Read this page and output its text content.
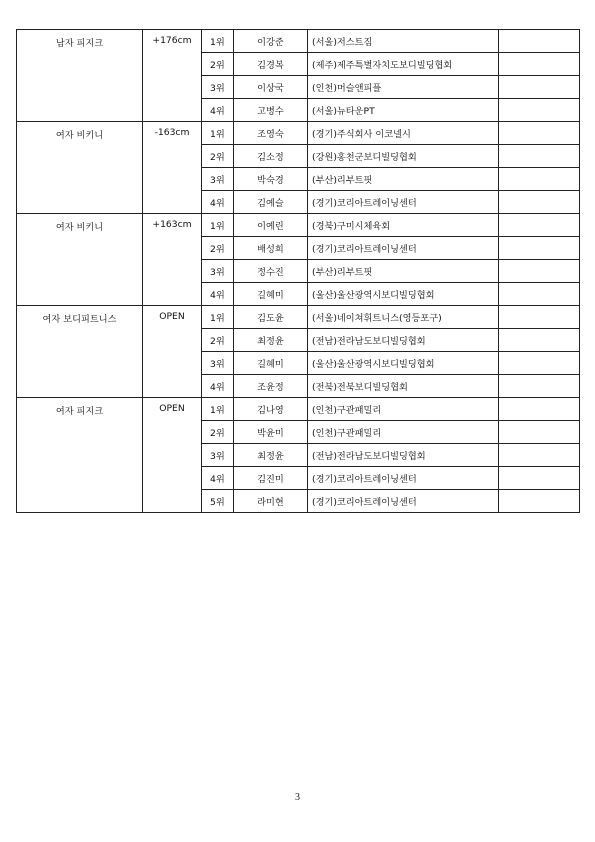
남자 피지크	+176cm	1위	이강준	(서울)저스트짐	
		2위	김경복	(제주)제주특별자치도보디빌딩협회	
		3위	이상국	(인천)머슬앤피플	
		4위	고병수	(서울)뉴타운PT	
여자 비키니	-163cm	1위	조영숙	(경기)주식회사 이코넬시	
		2위	김소정	(강원)홍천군보디빌딩협회	
		3위	박숙경	(부산)리부트핏	
		4위	김예슬	(경기)코리아트레이닝센터	
여자 비키니	+163cm	1위	이예린	(경북)구미시체육회	
		2위	배성희	(경기)코리아트레이닝센터	
		3위	정수진	(부산)리부트핏	
		4위	길혜미	(울산)울산광역시보디빌딩협회	
여자 보디피트니스	OPEN	1위	김도윤	(서울)네이쳐휘트니스(영등포구)	
		2위	최정윤	(전남)전라남도보디빌딩협회	
		3위	길혜미	(울산)울산광역시보디빌딩협회	
		4위	조윤정	(전북)전북보디빌딩협회	
여자 피지크	OPEN	1위	김나영	(인천)구관패밀리	
		2위	박윤미	(인천)구관패밀리	
		3위	최정윤	(전남)전라남도보디빌딩협회	
		4위	김진미	(경기)코리아트레이닝센터	
		5위	라미현	(경기)코리아트레이닝센터	
3
